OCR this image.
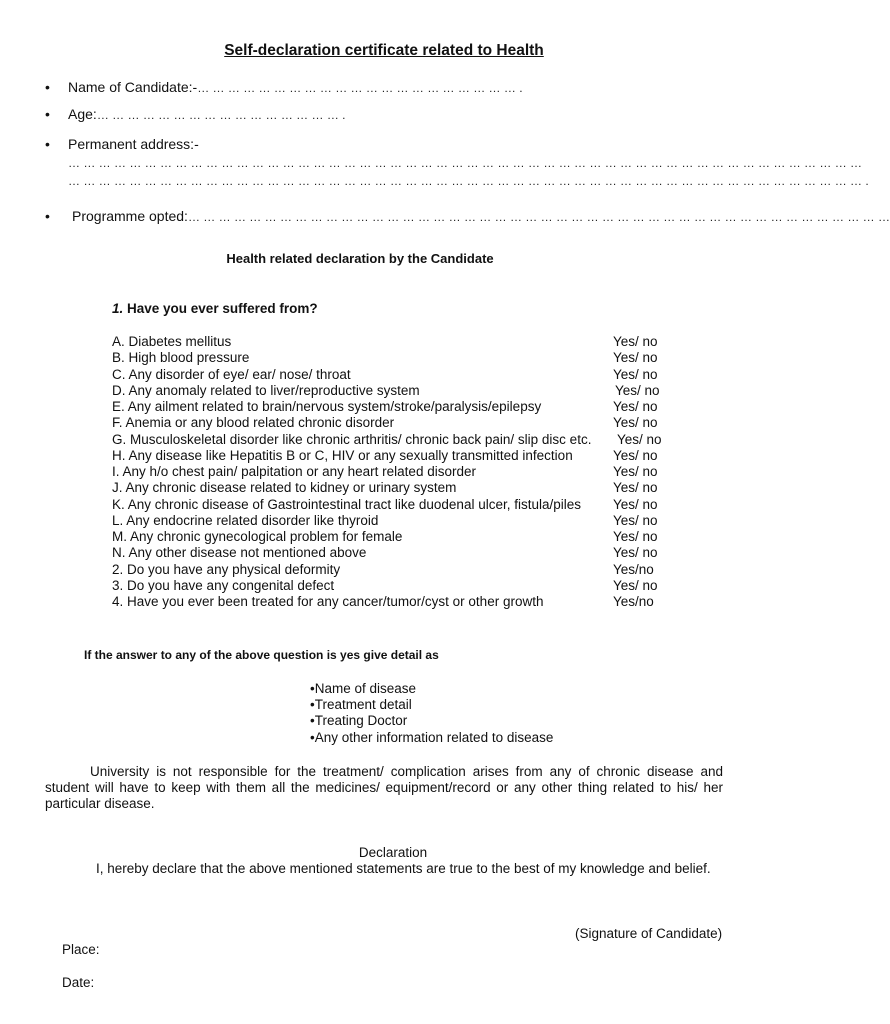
Self-declaration certificate related to Health
• Name of Candidate:-… … … … … … … … … … … … … … … … … … … … … .
• Age:… … … … … … … … … … … … … … … … .
• Permanent address:-
… … … … … … … … … … … … … … … … … … … … … … … … … … … … … … … … … … … … … … … … … … … … … … … … … … … …
… … … … … … … … … … … … … … … … … … … … … … … … … … … … … … … … … … … … … … … … … … … … … … … … … … … … .
• Programme opted:… … … … … … … … … … … … … … … … … … … … … … … … … … … … … … … … … … … … … … … … … … … … … …
Health related declaration by the Candidate
1. Have you ever suffered from?
A. Diabetes mellitus	Yes/ no
B. High blood pressure	Yes/ no
C. Any disorder of eye/ ear/ nose/ throat	Yes/ no
D. Any anomaly related to liver/reproductive system	Yes/ no
E. Any ailment related to brain/nervous system/stroke/paralysis/epilepsy	Yes/ no
F. Anemia or any blood related chronic disorder	Yes/ no
G. Musculoskeletal disorder like chronic arthritis/ chronic back pain/ slip disc etc. Yes/ no
H. Any disease like Hepatitis B or C, HIV or any sexually transmitted infection	Yes/ no
I. Any h/o chest pain/ palpitation or any heart related disorder	Yes/ no
J. Any chronic disease related to kidney or urinary system	Yes/ no
K. Any chronic disease of Gastrointestinal tract like duodenal ulcer, fistula/piles Yes/ no
L. Any endocrine related disorder like thyroid	Yes/ no
M. Any chronic gynecological problem for female	Yes/ no
N. Any other disease not mentioned above	Yes/ no
2. Do you have any physical deformity	Yes/no
3. Do you have any congenital defect	Yes/ no
4. Have you ever been treated for any cancer/tumor/cyst or other growth	Yes/no
If the answer to any of the above question is yes give detail as
•Name of disease
•Treatment detail
•Treating Doctor
•Any other information related to disease
University is not responsible for the treatment/ complication arises from any of chronic disease and student will have to keep with them all the medicines/ equipment/record or any other thing related to his/ her particular disease.
Declaration
I, hereby declare that the above mentioned statements are true to the best of my knowledge and belief.
(Signature of Candidate)
Place:
Date:
